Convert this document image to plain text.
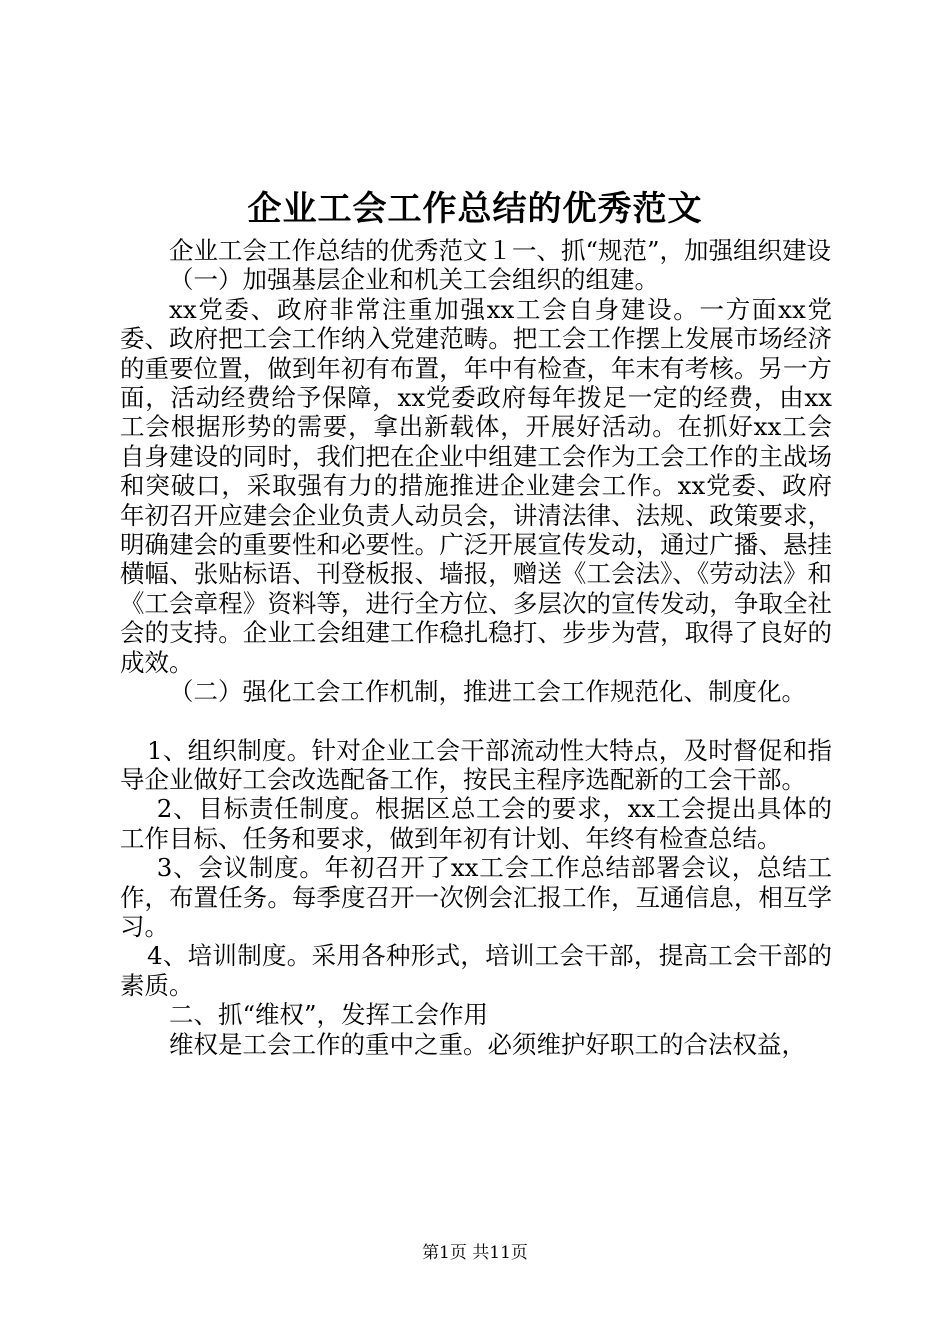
企业工会工作总结的优秀范文

企业工会工作总结的优秀范文１一、抓“规范”，加强组织建设

（一）加强基层企业和机关工会组织的组建。

xx党委、政府非常注重加强xx工会自身建设。一方面xx党委、政府把工会工作纳入党建范畴。把工会工作摆上发展市场经济的重要位置，做到年初有布置，年中有检查，年末有考核。另一方面，活动经费给予保障，xx党委政府每年拨足一定的经费，由xx工会根据形势的需要，拿出新载体，开展好活动。在抓好xx工会自身建设的同时，我们把在企业中组建工会作为工会工作的主战场和突破口，采取强有力的措施推进企业建会工作。xx党委、政府年初召开应建会企业负责人动员会，讲清法律、法规、政策要求，明确建会的重要性和必要性。广泛开展宣传发动，通过广播、悬挂横幅、张贴标语、刊登板报、墙报，赠送《工会法》、《劳动法》和《工会章程》资料等，进行全方位、多层次的宣传发动，争取全社会的支持。企业工会组建工作稳扎稳打、步步为营，取得了良好的成效。

（二）强化工会工作机制，推进工会工作规范化、制度化。

1、组织制度。针对企业工会干部流动性大特点，及时督促和指导企业做好工会改选配备工作，按民主程序选配新的工会干部。

2、目标责任制度。根据区总工会的要求，xx工会提出具体的工作目标、任务和要求，做到年初有计划、年终有检查总结。

3、会议制度。年初召开了xx工会工作总结部署会议，总结工作，布置任务。每季度召开一次例会汇报工作，互通信息，相互学习。

4、培训制度。采用各种形式，培训工会干部，提高工会干部的素质。

二、抓“维权”，发挥工会作用

维权是工会工作的重中之重。必须维护好职工的合法权益，

第1页 共11页
